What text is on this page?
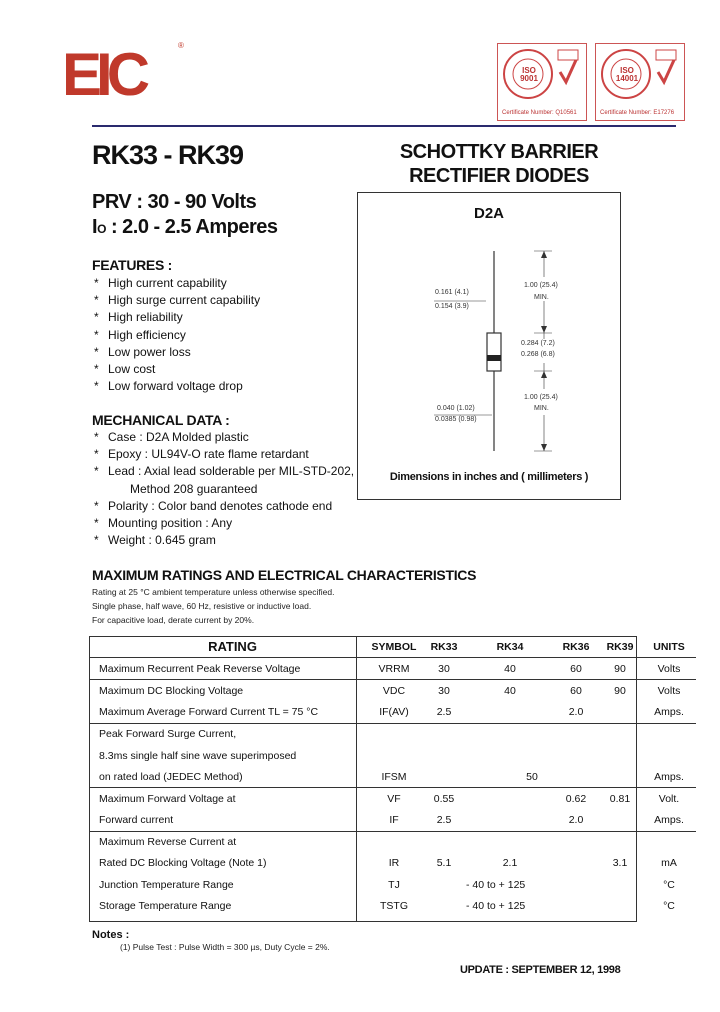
EIC	®
ISO 9001
Certificate Number: Q10561
ISO 14001
Certificate Number: E17276
RK33 - RK39	SCHOTTKY BARRIER
RECTIFIER DIODES
PRV : 30 - 90 Volts
IO : 2.0 - 2.5 Amperes
FEATURES :
* High current capability
* High surge current capability
* High reliability
* High efficiency
* Low power loss
* Low cost
* Low forward voltage drop
MECHANICAL DATA :
* Case : D2A Molded plastic
* Epoxy : UL94V-O rate flame retardant
* Lead : Axial lead solderable per MIL-STD-202,
Method 208 guaranteed
* Polarity : Color band denotes cathode end
* Mounting position : Any
* Weight : 0.645 gram
D2A
0.161 (4.1)
0.154 (3.9)
1.00 (25.4)
MIN.
0.284 (7.2)
0.268 (6.8)
1.00 (25.4)
MIN.
0.040 (1.02)
0.0385 (0.98)
Dimensions in inches and ( millimeters )
MAXIMUM RATINGS AND ELECTRICAL CHARACTERISTICS
Rating at 25 °C ambient temperature unless otherwise specified.
Single phase, half wave, 60 Hz, resistive or inductive load.
For capacitive load, derate current by 20%.
RATING	SYMBOL	RK33	RK34	RK36	RK39	UNITS
Maximum Recurrent Peak Reverse Voltage	VRRM	30	40	60	90	Volts
Maximum DC Blocking Voltage	VDC	30	40	60	90	Volts
Maximum Average Forward Current TL = 75 °C	IF(AV)	2.5		2.0		Amps.
Peak Forward Surge Current,						
8.3ms single half sine wave superimposed						
on rated load (JEDEC Method)	IFSM		50			Amps.
Maximum Forward Voltage at	VF	0.55		0.62	0.81	Volt.
Forward current	IF	2.5		2.0		Amps.
Maximum Reverse Current at						
Rated DC Blocking Voltage (Note 1)	IR	5.1	2.1		3.1	mA
Junction Temperature Range	TJ		- 40 to + 125			°C
Storage Temperature Range	TSTG		- 40 to + 125			°C
Notes :
(1) Pulse Test : Pulse Width = 300 µs, Duty Cycle = 2%.
UPDATE : SEPTEMBER 12, 1998
